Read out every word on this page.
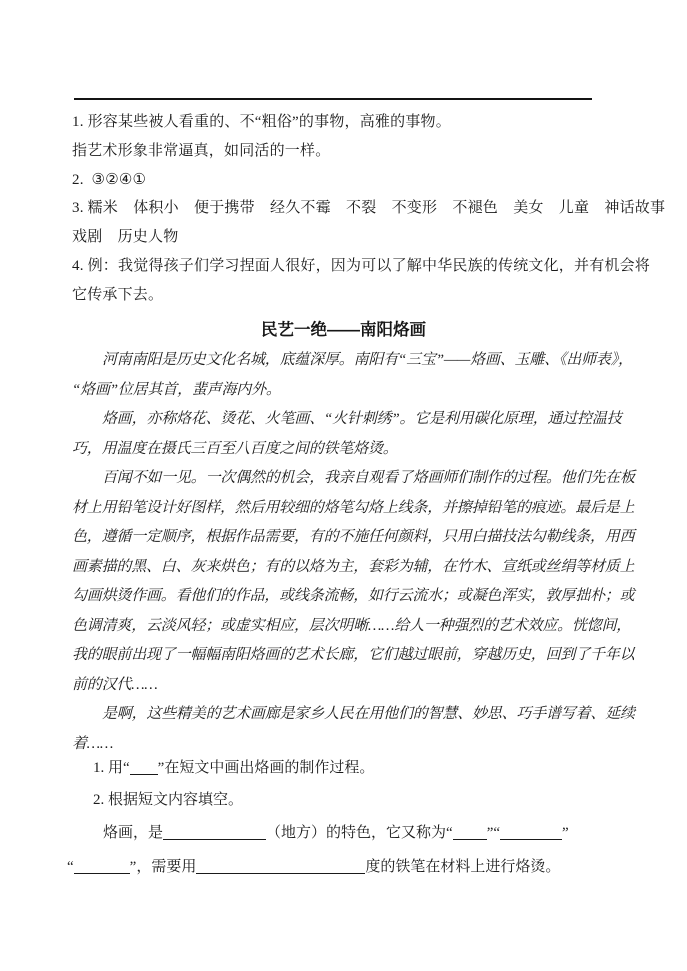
1. 形容某些被人看重的、不“粗俗”的事物，高雅的事物。
指艺术形象非常逼真，如同活的一样。
2.  ③②④①
3. 糯米　体积小　便于携带　经久不霉　不裂　不变形　不褪色　美女　儿童　神话故事
戏剧　历史人物
4. 例：我觉得孩子们学习捏面人很好，因为可以了解中华民族的传统文化，并有机会将
它传承下去。
民艺一绝——南阳烙画
河南南阳是历史文化名城，底蕴深厚。南阳有“三宝”——烙画、玉雕、《出师表》，
“烙画”位居其首，蜚声海内外。
烙画，亦称烙花、烫花、火笔画、“火针刺绣”。它是利用碳化原理，通过控温技
巧，用温度在摄氏三百至八百度之间的铁笔烙烫。
百闻不如一见。一次偶然的机会，我亲自观看了烙画师们制作的过程。他们先在板
材上用铅笔设计好图样，然后用较细的烙笔勾烙上线条，并擦掉铅笔的痕迹。最后是上
色，遵循一定顺序，根据作品需要，有的不施任何颜料，只用白描技法勾勒线条，用西
画素描的黑、白、灰来烘色；有的以烙为主，套彩为辅，在竹木、宣纸或丝绢等材质上
勾画烘烫作画。看他们的作品，或线条流畅，如行云流水；或凝色浑实，敦厚拙朴；或
色调清爽，云淡风轻；或虚实相应，层次明晰……给人一种强烈的艺术效应。恍惚间，
我的眼前出现了一幅幅南阳烙画的艺术长廊，它们越过眼前，穿越历史，回到了千年以
前的汉代……
是啊，这些精美的艺术画廊是家乡人民在用他们的智慧、妙思、巧手谱写着、延续
着……
1. 用“ ”在短文中画出烙画的制作过程。
2. 根据短文内容填空。
烙画，是	（地方）的特色，它又称为“ ”“	”
“	”，需要用	度的铁笔在材料上进行烙烫。
